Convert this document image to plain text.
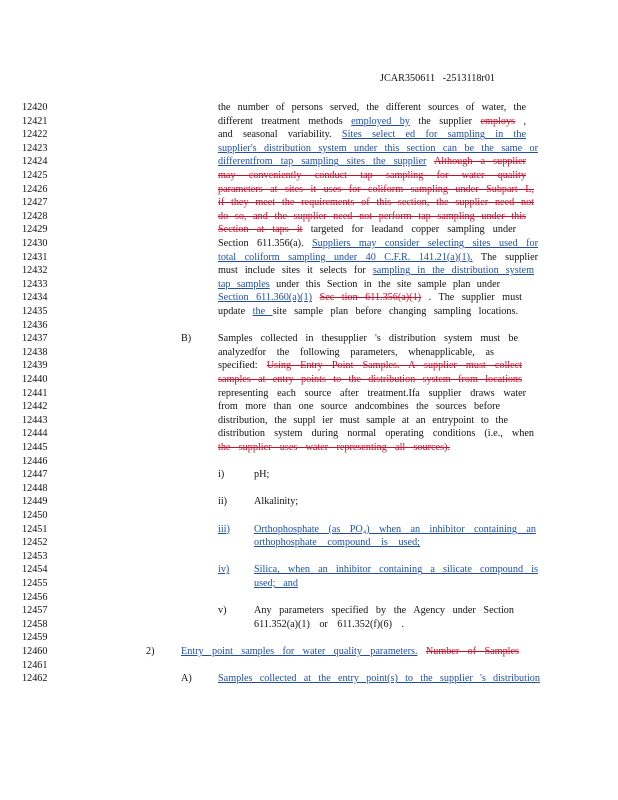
JCAR350611 -2513118r01
12420	the number of persons served, the different sources of water, the
12421	different treatment methods employed by the supplier employs ,
12422	and seasonal variability. Sites select ed for sampling in the
12423	supplier's distribution system under this section can be the same or
12424	differentfrom tap sampling sites the supplier Although a supplier
12425	may conveniently conduct tap sampling for water quality
12426	parameters at sites it uses for coliform sampling under Subpart L,
12427	if they meet the requirements of this section, the supplier need not
12428	do so, and the supplier need not perform tap sampling under this
12429	Section at taps it targeted for leadand copper sampling under
12430	Section 611.356(a). Suppliers may consider selecting sites used for
12431	total coliform sampling under 40 C.F.R. 141.21(a)(1). The supplier
12432	must include sites it selects for sampling in the distribution system
12433	tap samples under this Section in the site sample plan under
12434	Section 611.360(a)(1) Sec tion 611.356(a)(1) . The supplier must
12435	update the site sample plan before changing sampling locations.
12436
12437	B)	Samples collected in thesupplier 's distribution system must be
12438	analyzedfor the following parameters, whenapplicable, as
12439	specified: Using Entry Point Samples. A supplier must collect
12440	samples at entry points to the distribution system from locations
12441	representing each source after treatment.Ifa supplier draws water
12442	from more than one source andcombines the sources before
12443	distribution, the suppl ier must sample at an entrypoint to the
12444	distribution system during normal operating conditions (i.e., when
12445	the supplier uses water representing all sources).
12446
12447	i)	pH;
12448
12449	ii)	Alkalinity;
12450
12451	iii) Orthophosphate (as PO₄) when an inhibitor containing an
12452	orthophosphate compound is used;
12453
12454	iv) Silica, when an inhibitor containing a silicate compound is
12455	used; and
12456
12457	v)	Any parameters specified by the Agency under Section
12458	611.352(a)(1) or 611.352(f)(6) .
12459
12460	2)	Entry point samples for water quality parameters. Number of Samples
12461
12462	A)	Samples collected at the entry point(s) to the supplier 's distribution
